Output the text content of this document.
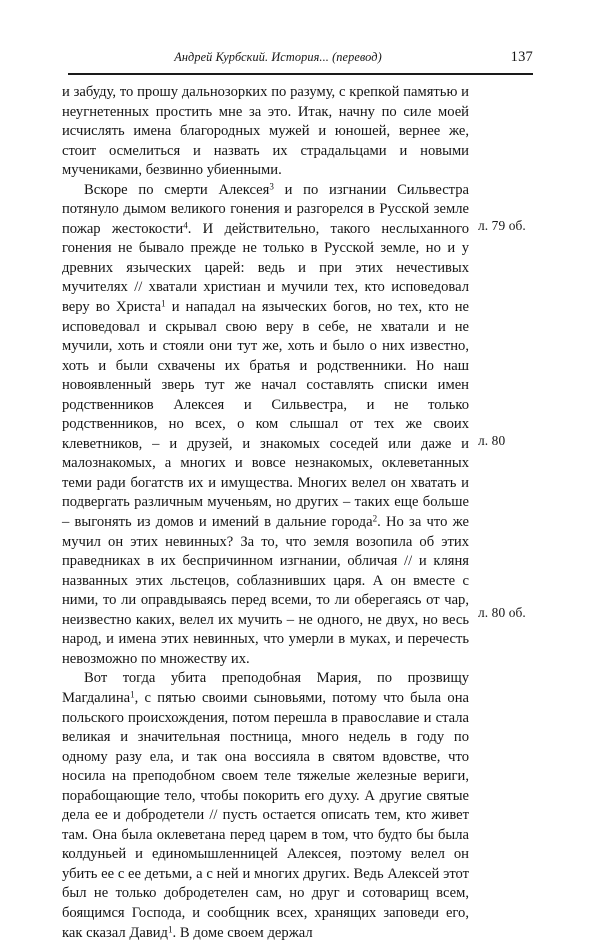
Андрей Курбский. История... (перевод)	137

и забуду, то прошу дальнозорких по разуму, с крепкой памятью и неугнетенных простить мне за это. Итак, начну по силе моей исчислять имена благородных мужей и юношей, вернее же, стоит осмелиться и назвать их страдальцами и новыми мучениками, безвинно убиенными.

Вскоре по смерти Алексея$^3$ и по изгнании Сильвестра потянуло дымом великого гонения и разгорелся в Русской земле пожар жестокости$^4$. И действительно, такого неслыханного гонения не бывало прежде не только в Русской земле, но и у древних языческих царей: ведь и при этих нечестивых мучителях // хватали христиан и мучили тех, кто исповедовал веру во Христа$^1$ и нападал на языческих богов, но тех, кто не исповедовал и скрывал свою веру в себе, не хватали и не мучили, хоть и стояли они тут же, хоть и было о них известно, хоть и были схвачены их братья и родственники. Но наш новоявленный зверь тут же начал составлять списки имен родственников Алексея и Сильвестра, и не только родственников, но всех, о ком слышал от тех же своих клеветников, – и друзей, и знакомых соседей или даже и малознакомых, а многих и вовсе незнакомых, оклеветанных теми ради богатств их и имущества. Многих велел он хватать и подвергать различным мученьям, но других – таких еще больше – выгонять из домов и имений в дальние города$^2$. Но за что же мучил он этих невинных? За то, что земля возопила об этих праведниках в их беспричинном изгнании, обличая // и кляня названных этих льстецов, соблазнивших царя. А он вместе с ними, то ли оправдываясь перед всеми, то ли оберегаясь от чар, неизвестно каких, велел их мучить – не одного, не двух, но весь народ, и имена этих невинных, что умерли в муках, и перечесть невозможно по множеству их.

Вот тогда убита преподобная Мария, по прозвищу Магдалина$^1$, с пятью своими сыновьями, потому что была она польского происхождения, потом перешла в православие и стала великая и значительная постница, много недель в году по одному разу ела, и так она воссияла в святом вдовстве, что носила на преподобном своем теле тяжелые железные вериги, порабощающие тело, чтобы покорить его духу. А другие святые дела ее и добродетели // пусть остается описать тем, кто живет там. Она была оклеветана перед царем в том, что будто бы была колдуньей и единомышленницей Алексея, поэтому велел он убить ее с ее детьми, а с ней и многих других. Ведь Алексей этот был не только добродетелен сам, но друг и сотоварищ всем, боящимся Господа, и сообщник всех, хранящих заповеди его, как сказал Давид$^1$. В доме своем держал

л. 79 об.
л. 80
л. 80 об.
